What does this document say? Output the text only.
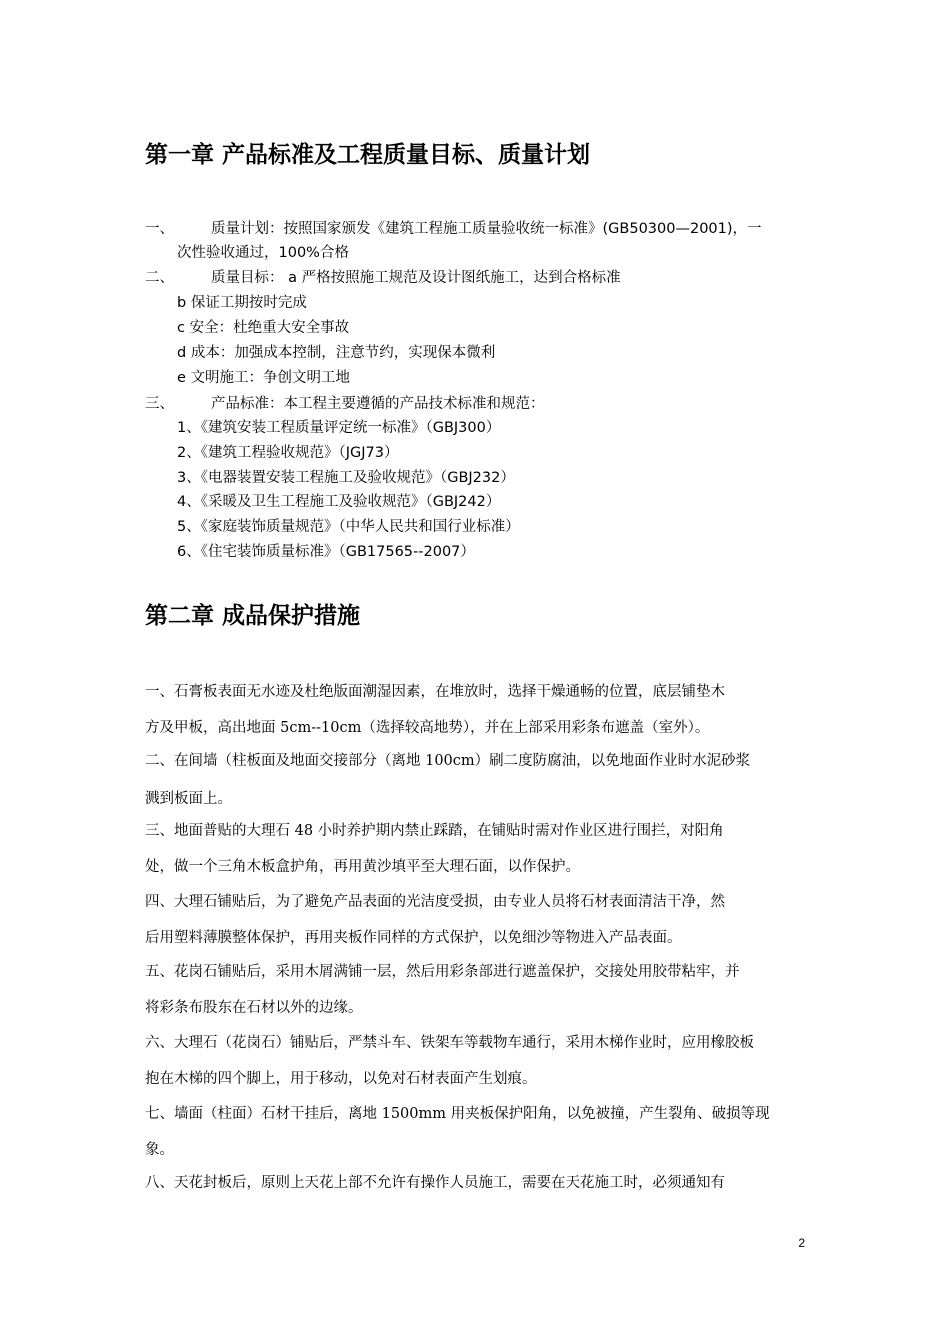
第一章 产品标准及工程质量目标、质量计划
一、	质量计划：按照国家颁发《建筑工程施工质量验收统一标准》(GB50300—2001)，一
次性验收通过，100%合格
二、	质量目标： a 严格按照施工规范及设计图纸施工，达到合格标准
b 保证工期按时完成
c 安全：杜绝重大安全事故
d 成本：加强成本控制，注意节约，实现保本微利
e 文明施工：争创文明工地
三、	产品标准：本工程主要遵循的产品技术标准和规范：
1、《建筑安装工程质量评定统一标准》（GBJ300）
2、《建筑工程验收规范》（JGJ73）
3、《电器装置安装工程施工及验收规范》（GBJ232）
4、《采暖及卫生工程施工及验收规范》（GBJ242）
5、《家庭装饰质量规范》（中华人民共和国行业标准）
6、《住宅装饰质量标准》（GB17565--2007）
第二章 成品保护措施
一、石膏板表面无水迹及杜绝版面潮湿因素，在堆放时，选择干燥通畅的位置，底层铺垫木
方及甲板，高出地面 5cm--10cm（选择较高地势），并在上部采用彩条布遮盖（室外）。
二、在间墙（柱板面及地面交接部分（离地 100cm）刷二度防腐油，以免地面作业时水泥砂浆
溅到板面上。
三、地面普贴的大理石 48 小时养护期内禁止踩踏，在铺贴时需对作业区进行围拦，对阳角
处，做一个三角木板盒护角，再用黄沙填平至大理石面，以作保护。
四、大理石铺贴后，为了避免产品表面的光洁度受损，由专业人员将石材表面清洁干净，然
后用塑料薄膜整体保护，再用夹板作同样的方式保护，以免细沙等物进入产品表面。
五、花岗石铺贴后，采用木屑满铺一层，然后用彩条部进行遮盖保护，交接处用胶带粘牢，并
将彩条布股东在石材以外的边缘。
六、大理石（花岗石）铺贴后，严禁斗车、铁架车等载物车通行，采用木梯作业时，应用橡胶板
抱在木梯的四个脚上，用于移动，以免对石材表面产生划痕。
七、墙面（柱面）石材干挂后，离地 1500mm 用夹板保护阳角，以免被撞，产生裂角、破损等现
象。
八、天花封板后，原则上天花上部不允许有操作人员施工，需要在天花施工时，必须通知有
2
